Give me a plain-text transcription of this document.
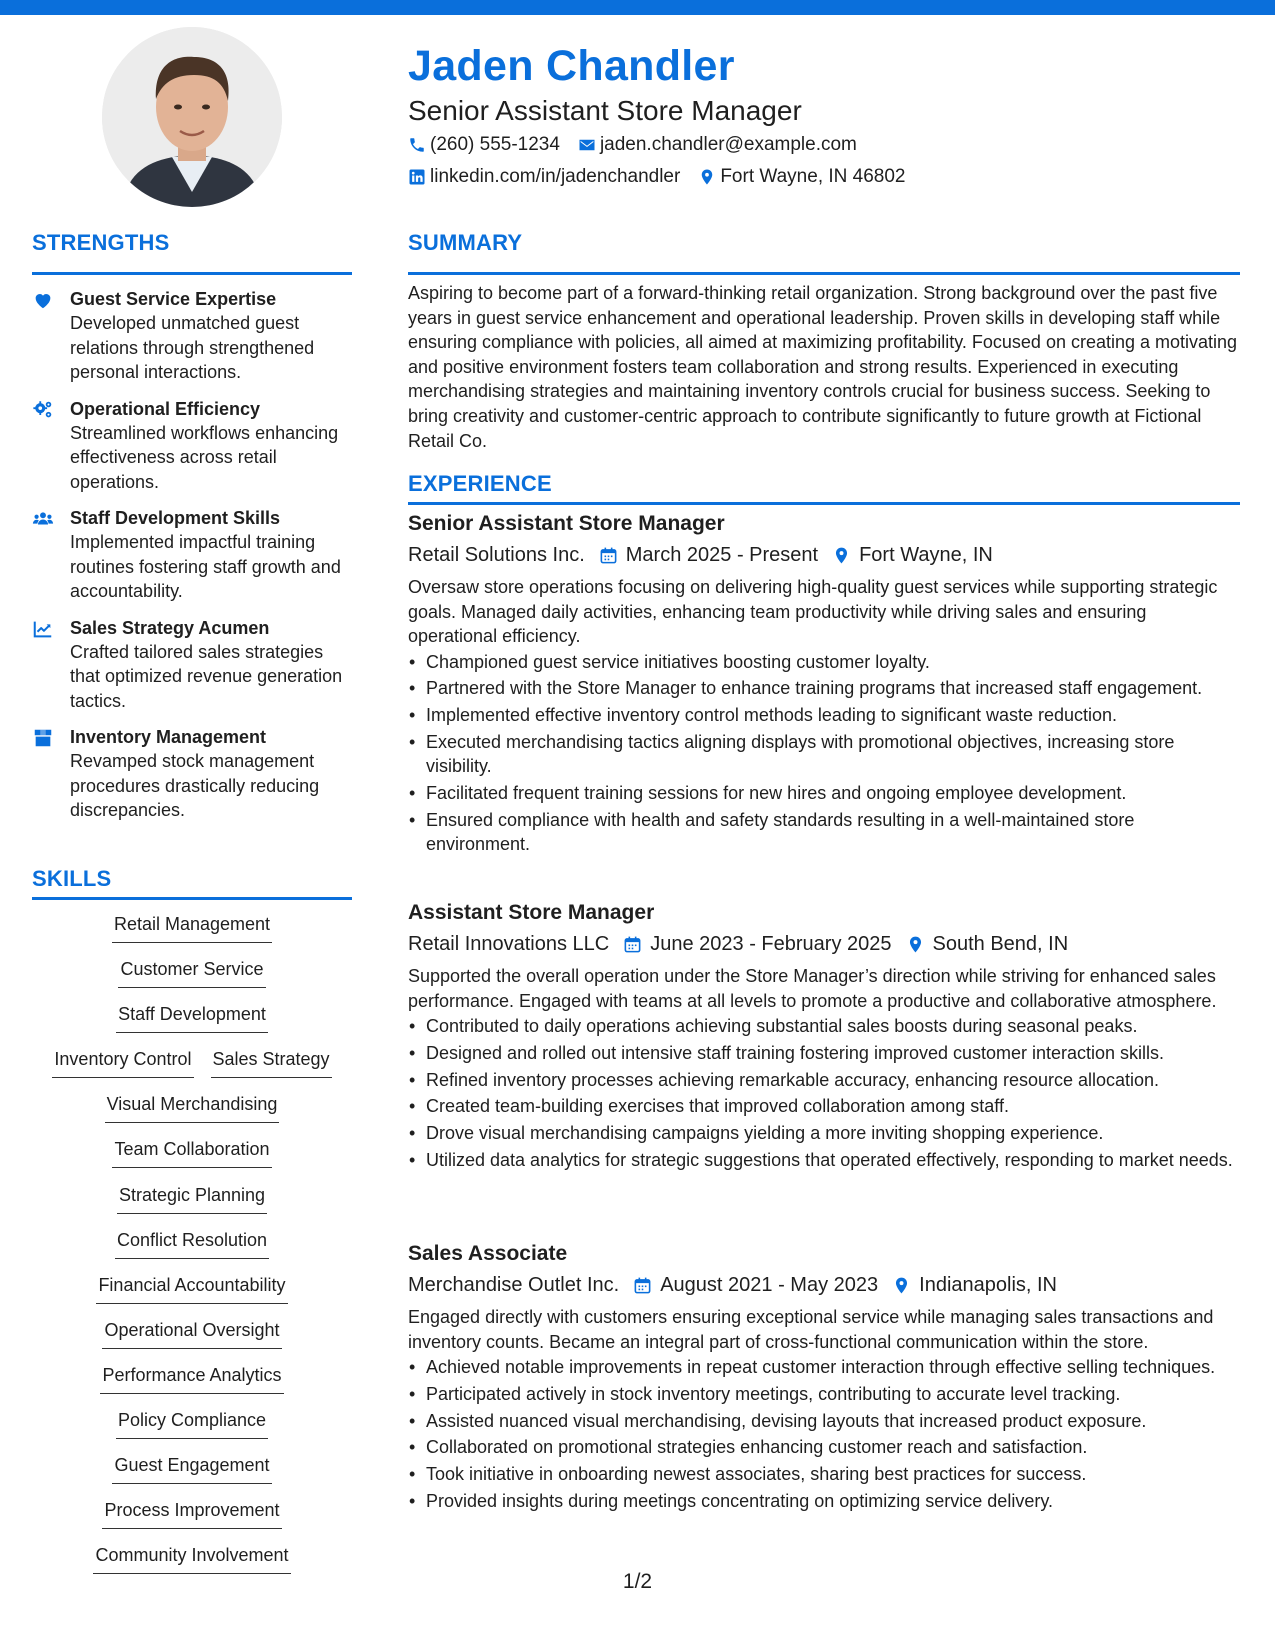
Jaden Chandler
Senior Assistant Store Manager
(260) 555-1234 jaden.chandler@example.com
linkedin.com/in/jadenchandler Fort Wayne, IN 46802
STRENGTHS
Guest Service Expertise
Developed unmatched guest relations through strengthened personal interactions.
Operational Efficiency
Streamlined workflows enhancing effectiveness across retail operations.
Staff Development Skills
Implemented impactful training routines fostering staff growth and accountability.
Sales Strategy Acumen
Crafted tailored sales strategies that optimized revenue generation tactics.
Inventory Management
Revamped stock management procedures drastically reducing discrepancies.
SKILLS
Retail Management
Customer Service
Staff Development
Inventory Control Sales Strategy
Visual Merchandising
Team Collaboration
Strategic Planning
Conflict Resolution
Financial Accountability
Operational Oversight
Performance Analytics
Policy Compliance
Guest Engagement
Process Improvement
Community Involvement
SUMMARY
Aspiring to become part of a forward-thinking retail organization. Strong background over the past five years in guest service enhancement and operational leadership. Proven skills in developing staff while ensuring compliance with policies, all aimed at maximizing profitability. Focused on creating a motivating and positive environment fosters team collaboration and strong results. Experienced in executing merchandising strategies and maintaining inventory controls crucial for business success. Seeking to bring creativity and customer-centric approach to contribute significantly to future growth at Fictional Retail Co.
EXPERIENCE
Senior Assistant Store Manager
Retail Solutions Inc. March 2025 - Present Fort Wayne, IN
Oversaw store operations focusing on delivering high-quality guest services while supporting strategic goals. Managed daily activities, enhancing team productivity while driving sales and ensuring operational efficiency.
• Championed guest service initiatives boosting customer loyalty.
• Partnered with the Store Manager to enhance training programs that increased staff engagement.
• Implemented effective inventory control methods leading to significant waste reduction.
• Executed merchandising tactics aligning displays with promotional objectives, increasing store visibility.
• Facilitated frequent training sessions for new hires and ongoing employee development.
• Ensured compliance with health and safety standards resulting in a well-maintained store environment.
Assistant Store Manager
Retail Innovations LLC June 2023 - February 2025 South Bend, IN
Supported the overall operation under the Store Manager’s direction while striving for enhanced sales performance. Engaged with teams at all levels to promote a productive and collaborative atmosphere.
• Contributed to daily operations achieving substantial sales boosts during seasonal peaks.
• Designed and rolled out intensive staff training fostering improved customer interaction skills.
• Refined inventory processes achieving remarkable accuracy, enhancing resource allocation.
• Created team-building exercises that improved collaboration among staff.
• Drove visual merchandising campaigns yielding a more inviting shopping experience.
• Utilized data analytics for strategic suggestions that operated effectively, responding to market needs.
Sales Associate
Merchandise Outlet Inc. August 2021 - May 2023 Indianapolis, IN
Engaged directly with customers ensuring exceptional service while managing sales transactions and inventory counts. Became an integral part of cross-functional communication within the store.
• Achieved notable improvements in repeat customer interaction through effective selling techniques.
• Participated actively in stock inventory meetings, contributing to accurate level tracking.
• Assisted nuanced visual merchandising, devising layouts that increased product exposure.
• Collaborated on promotional strategies enhancing customer reach and satisfaction.
• Took initiative in onboarding newest associates, sharing best practices for success.
• Provided insights during meetings concentrating on optimizing service delivery.
1/2
